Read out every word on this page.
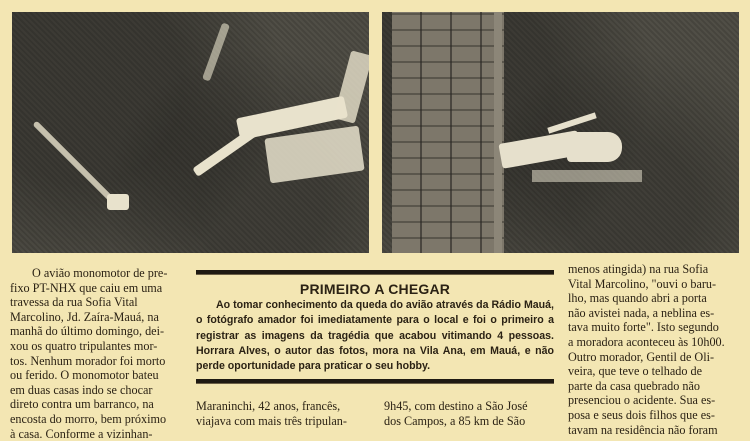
O avião monomotor de pre-

fixo PT-NHX que caiu em uma

travessa da rua Sofia Vital

Marcolino, Jd. Zaíra-Mauá, na

manhã do último domingo, dei-

xou os quatro tripulantes mor-

tos. Nenhum morador foi morto

ou ferido. O monomotor bateu

em duas casas indo se chocar

direto contra um barranco, na

encosta do morro, bem próximo

à casa. Conforme a vizinhan-

PRIMEIRO A CHEGAR
Ao tomar conhecimento da queda do avião através da Rádio Mauá, o fotógrafo amador foi imediatamente para o local e foi o primeiro a registrar as imagens da tragédia que acabou vitimando 4 pessoas. Horrara Alves, o autor das fotos, mora na Vila Ana, em Mauá, e não perde oportunidade para praticar o seu hobby.
Maraninchi, 42 anos, francês,	9h45, com destino a São José
viajava com mais três tripulan-	dos Campos, a 85 km de São

menos atingida) na rua Sofia

Vital Marcolino, "ouvi o baru-

lho, mas quando abri a porta

não avistei nada, a neblina es-

tava muito forte". Isto segundo

a moradora aconteceu às 10h00.

Outro morador, Gentil de Oli-

veira, que teve o telhado de

parte da casa quebrado não

presenciou o acidente. Sua es-

posa e seus dois filhos que es-

tavam na residência não foram
